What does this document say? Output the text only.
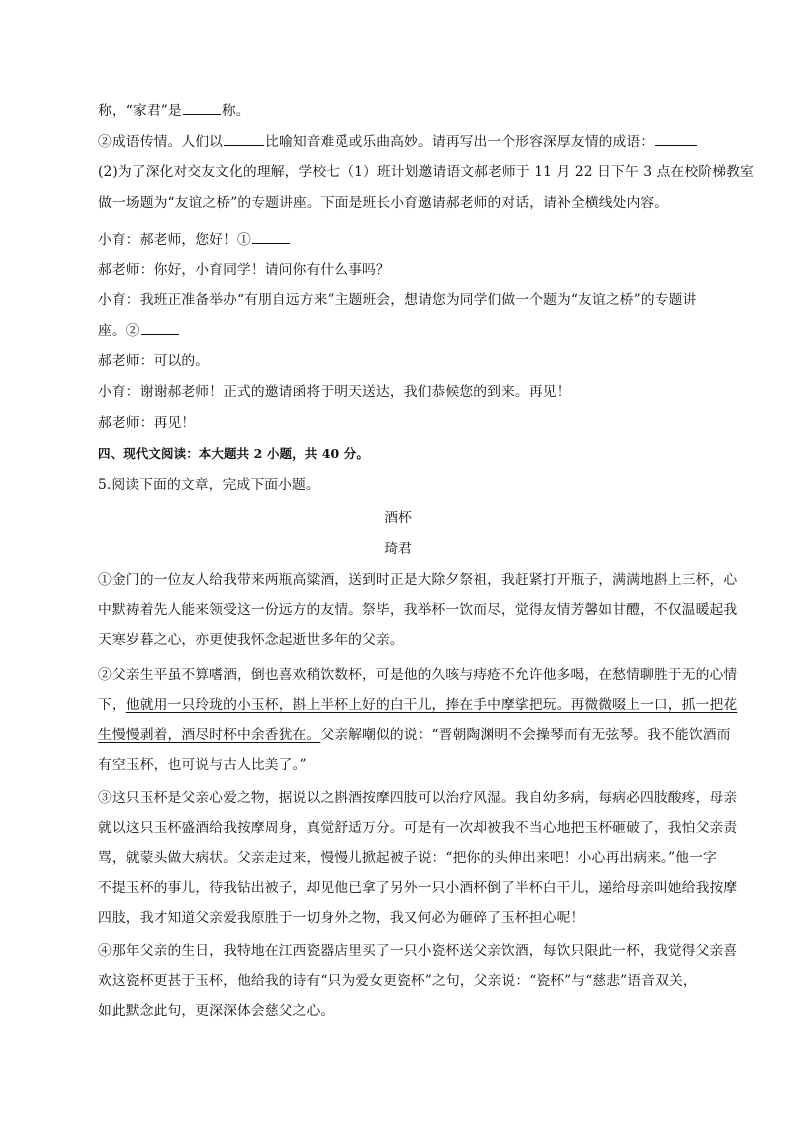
称，“家君”是	称。
②成语传情。人们以	比喻知音难觅或乐曲高妙。请再写出一个形容深厚友情的成语：
(2)为了深化对交友文化的理解，学校七（1）班计划邀请语文郝老师于 11 月 22 日下午 3 点在校阶梯教室
做一场题为“友谊之桥”的专题讲座。下面是班长小育邀请郝老师的对话，请补全横线处内容。
小育：郝老师，您好！①
郝老师：你好，小育同学！请问你有什么事吗？
小育：我班正准备举办“有朋自远方来”主题班会，想请您为同学们做一个题为“友谊之桥”的专题讲
座。②
郝老师：可以的。
小育：谢谢郝老师！正式的邀请函将于明天送达，我们恭候您的到来。再见！
郝老师：再见！
四、现代文阅读：本大题共 2 小题，共 40 分。
5.阅读下面的文章，完成下面小题。
酒杯
琦君
①金门的一位友人给我带来两瓶高粱酒，送到时正是大除夕祭祖，我赶紧打开瓶子，满满地斟上三杯，心
中默祷着先人能来领受这一份远方的友情。祭毕，我举杯一饮而尽，觉得友情芳馨如甘醴，不仅温暖起我
天寒岁暮之心，亦更使我怀念起逝世多年的父亲。
②父亲生平虽不算嗜酒，倒也喜欢稍饮数杯，可是他的久咳与痔疮不允许他多喝，在愁情聊胜于无的心情
下，他就用一只玲珑的小玉杯，斟上半杯上好的白干儿，捧在手中摩挲把玩。再微微啜上一口，抓一把花
生慢慢剥着，酒尽时杯中余香犹在。父亲解嘲似的说：“晋朝陶渊明不会操琴而有无弦琴。我不能饮酒而
有空玉杯，也可说与古人比美了。”
③这只玉杯是父亲心爱之物，据说以之斟酒按摩四肢可以治疗风湿。我自幼多病，每病必四肢酸疼，母亲
就以这只玉杯盛酒给我按摩周身，真觉舒适万分。可是有一次却被我不当心地把玉杯砸破了，我怕父亲责
骂，就蒙头做大病状。父亲走过来，慢慢儿掀起被子说：“把你的头伸出来吧！小心再出病来。”他一字
不提玉杯的事儿，待我钻出被子，却见他已拿了另外一只小酒杯倒了半杯白干儿，递给母亲叫她给我按摩
四肢，我才知道父亲爱我原胜于一切身外之物，我又何必为砸碎了玉杯担心呢！
④那年父亲的生日，我特地在江西瓷器店里买了一只小瓷杯送父亲饮酒，每饮只限此一杯，我觉得父亲喜
欢这瓷杯更甚于玉杯，他给我的诗有“只为爱女更瓷杯”之句，父亲说：“瓷杯”与“慈悲”语音双关，
如此默念此句，更深深体会慈父之心。
